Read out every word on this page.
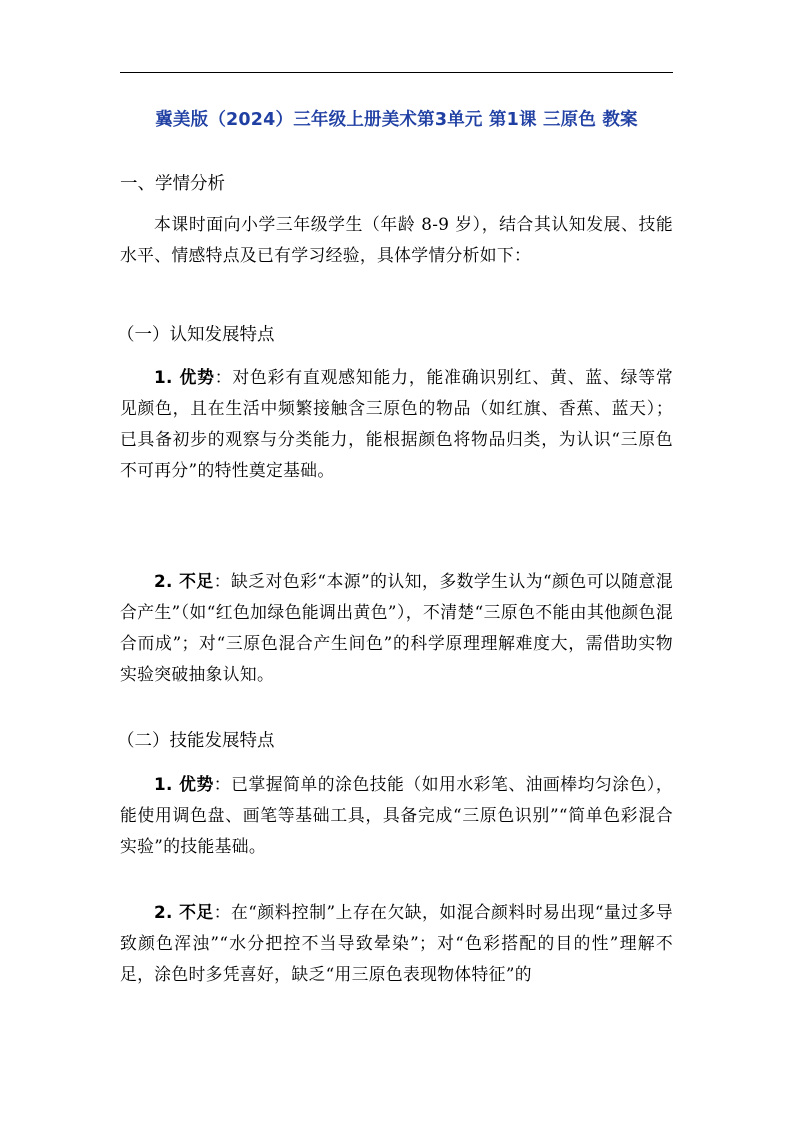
冀美版（2024）三年级上册美术第3单元 第1课 三原色 教案
一、学情分析
本课时面向小学三年级学生（年龄 8-9 岁），结合其认知发展、技能水平、情感特点及已有学习经验，具体学情分析如下：
（一）认知发展特点
1. 优势：对色彩有直观感知能力，能准确识别红、黄、蓝、绿等常见颜色，且在生活中频繁接触含三原色的物品（如红旗、香蕉、蓝天）；已具备初步的观察与分类能力，能根据颜色将物品归类，为认识“三原色不可再分”的特性奠定基础。
2. 不足：缺乏对色彩“本源”的认知，多数学生认为“颜色可以随意混合产生”（如“红色加绿色能调出黄色”），不清楚“三原色不能由其他颜色混合而成”；对“三原色混合产生间色”的科学原理理解难度大，需借助实物实验突破抽象认知。
（二）技能发展特点
1. 优势：已掌握简单的涂色技能（如用水彩笔、油画棒均匀涂色），能使用调色盘、画笔等基础工具，具备完成“三原色识别”“简单色彩混合实验”的技能基础。
2. 不足：在“颜料控制”上存在欠缺，如混合颜料时易出现“量过多导致颜色浑浊”“水分把控不当导致晕染”；对“色彩搭配的目的性”理解不足，涂色时多凭喜好，缺乏“用三原色表现物体特征”的
